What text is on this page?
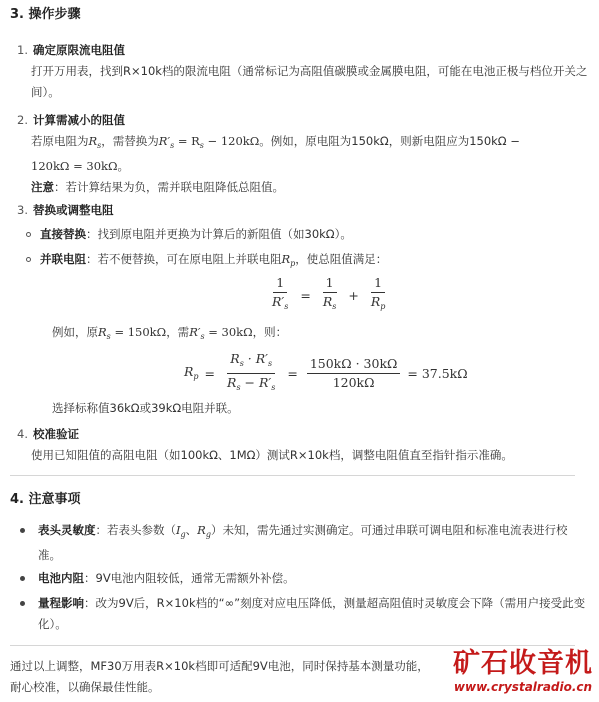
3. 操作步骤
1. 确定原限流电阻值
打开万用表，找到R×10k档的限流电阻（通常标记为高阻值碳膜或金属膜电阻，可能在电池正极与档位开关之间）。
2. 计算需减小的阻值
若原电阻为$R_s$，需替换为$R'_s = R_s - 120k\Omega$。例如，原电阻为150kΩ，则新电阻应为150kΩ −
120kΩ = 30kΩ。
注意：若计算结果为负，需并联电阻降低总阻值。
3. 替换或调整电阻
直接替换：找到原电阻并更换为计算后的新阻值（如30kΩ）。
并联电阻：若不便替换，可在原电阻上并联电阻$R_p$，使总阻值满足：
$\frac{1}{R'_s} = \frac{1}{R_s} + \frac{1}{R_p}$
例如，原$R_s = 150k\Omega$，需$R'_s = 30k\Omega$，则：
$R_p = \frac{R_s \cdot R'_s}{R_s - R'_s} = \frac{150k\Omega \cdot 30k\Omega}{120k\Omega} = 37.5k\Omega$
选择标称值36kΩ或39kΩ电阻并联。
4. 校准验证
使用已知阻值的高阻电阻（如100kΩ、1MΩ）测试R×10k档，调整电阻值直至指针指示准确。
4. 注意事项
表头灵敏度：若表头参数（$I_g$、$R_g$）未知，需先通过实测确定。可通过串联可调电阻和标准电流表进行校准。
电池内阻：9V电池内阻较低，通常无需额外补偿。
量程影响：改为9V后，R×10k档的“∞”刻度对应电压降低，测量超高阻值时灵敏度会下降（需用户接受此变化）。
通过以上调整，MF30万用表R×10k档即可适配9V电池，同时保持基本测量功能，
耐心校准，以确保最佳性能。
矿石收音机
www.crystalradio.cn
